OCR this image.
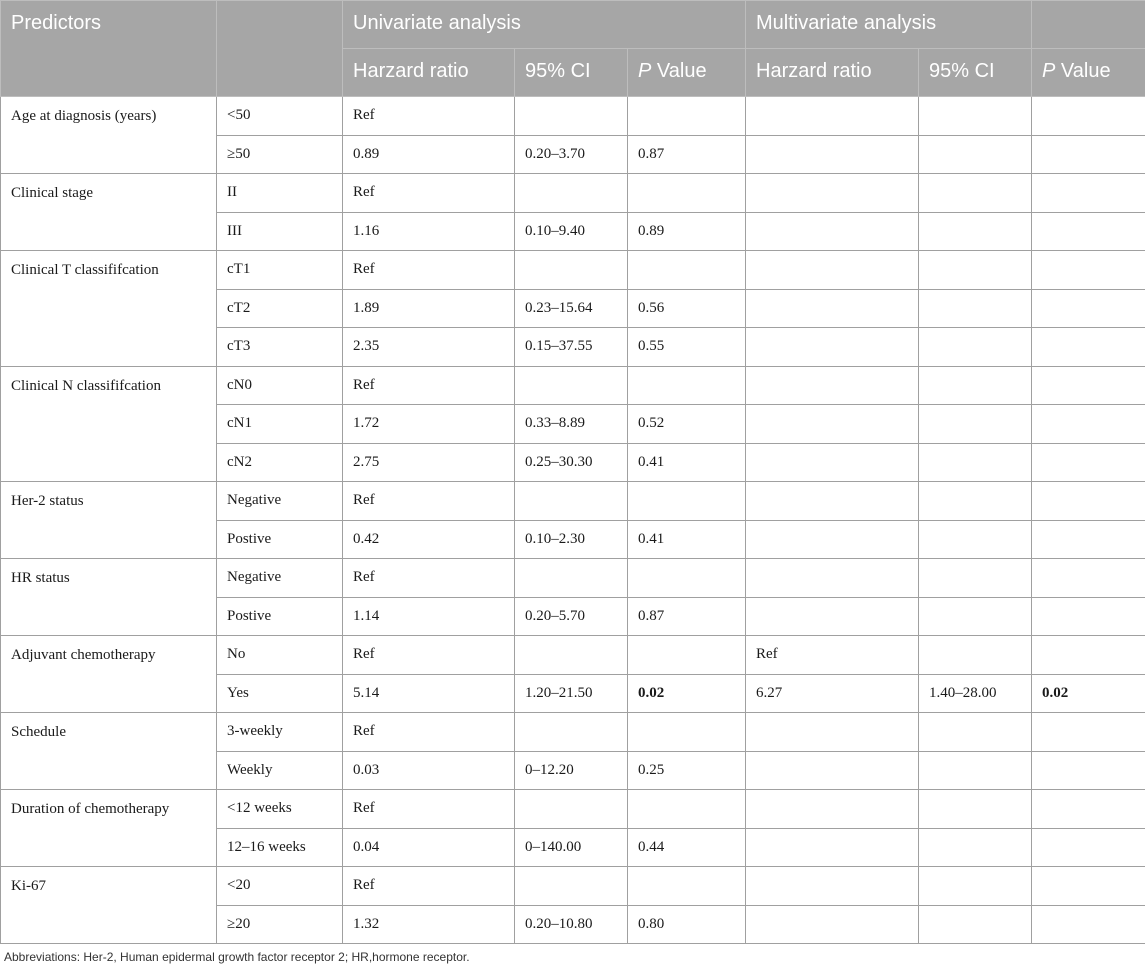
Predictors		Univariate analysis			Multivariate analysis		
		Harzard ratio	95% CI	P Value	Harzard ratio	95% CI	P Value
Age at diagnosis (years)	<50	Ref					
	≥50	0.89	0.20–3.70	0.87			
Clinical stage	II	Ref					
	III	1.16	0.10–9.40	0.89			
Clinical T classififcation	cT1	Ref					
	cT2	1.89	0.23–15.64	0.56			
	cT3	2.35	0.15–37.55	0.55			
Clinical N classififcation	cN0	Ref					
	cN1	1.72	0.33–8.89	0.52			
	cN2	2.75	0.25–30.30	0.41			
Her-2 status	Negative	Ref					
	Postive	0.42	0.10–2.30	0.41			
HR status	Negative	Ref					
	Postive	1.14	0.20–5.70	0.87			
Adjuvant chemotherapy	No	Ref			Ref		
	Yes	5.14	1.20–21.50	0.02	6.27	1.40–28.00	0.02
Schedule	3-weekly	Ref					
	Weekly	0.03	0–12.20	0.25			
Duration of chemotherapy	<12 weeks	Ref					
	12–16 weeks	0.04	0–140.00	0.44			
Ki-67	<20	Ref					
	≥20	1.32	0.20–10.80	0.80			
Abbreviations: Her-2, Human epidermal growth factor receptor 2; HR,hormone receptor.
